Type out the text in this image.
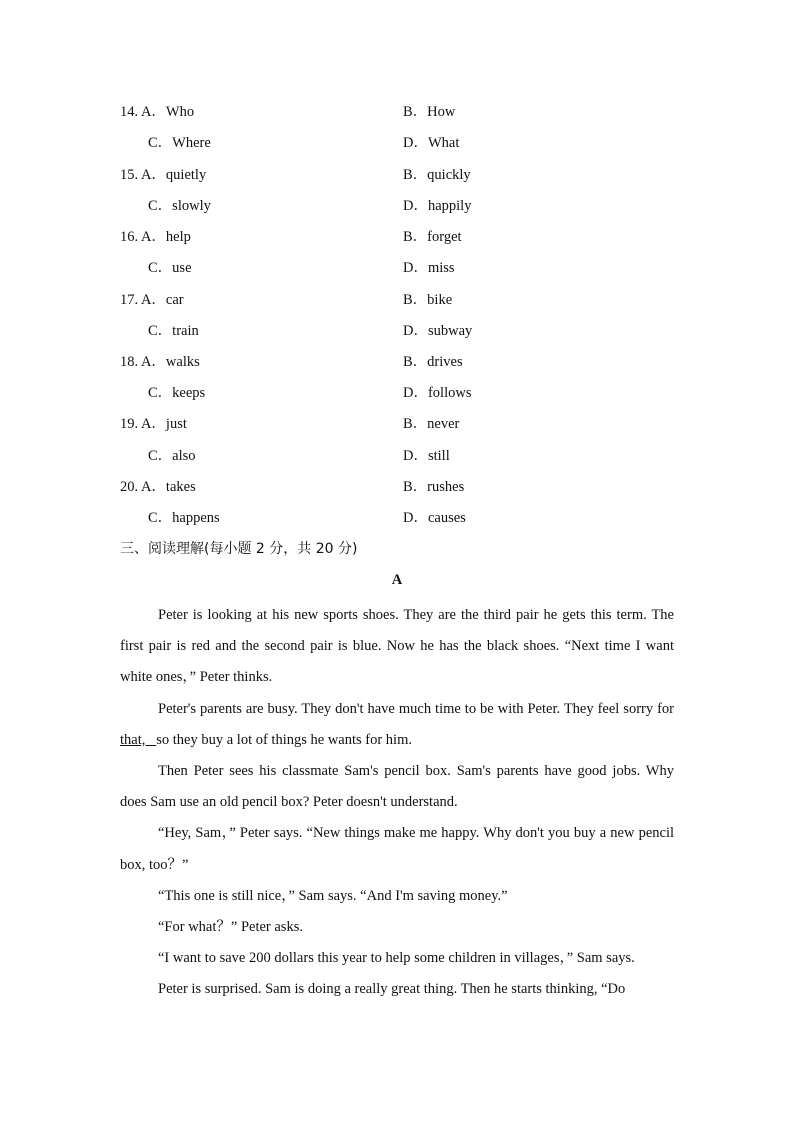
14. A．Who	B．How
C．Where	D．What
15. A．quietly	B．quickly
C．slowly	D．happily
16. A．help	B．forget
C．use	D．miss
17. A．car	B．bike
C．train	D．subway
18. A．walks	B．drives
C．keeps	D．follows
19. A．just	B．never
C．also	D．still
20. A．takes	B．rushes
C．happens	D．causes
三、阅读理解(每小题 2 分，共 20 分)
A

Peter is looking at his new sports shoes. They are the third pair he gets this term. The first pair is red and the second pair is blue. Now he has the black shoes. “Next time I want white ones，” Peter thinks.

Peter's parents are busy. They don't have much time to be with Peter. They feel sorry for that,   so they buy a lot of things he wants for him.

Then Peter sees his classmate Sam's pencil box. Sam's parents have good jobs. Why does Sam use an old pencil box? Peter doesn't understand.

“Hey, Sam，” Peter says. “New things make me happy. Why don't you buy a new pencil box, too？”

“This one is still nice，” Sam says. “And I'm saving money.”

“For what？” Peter asks.

“I want to save 200 dollars this year to help some children in villages，” Sam says.

Peter is surprised. Sam is doing a really great thing. Then he starts thinking, “Do
